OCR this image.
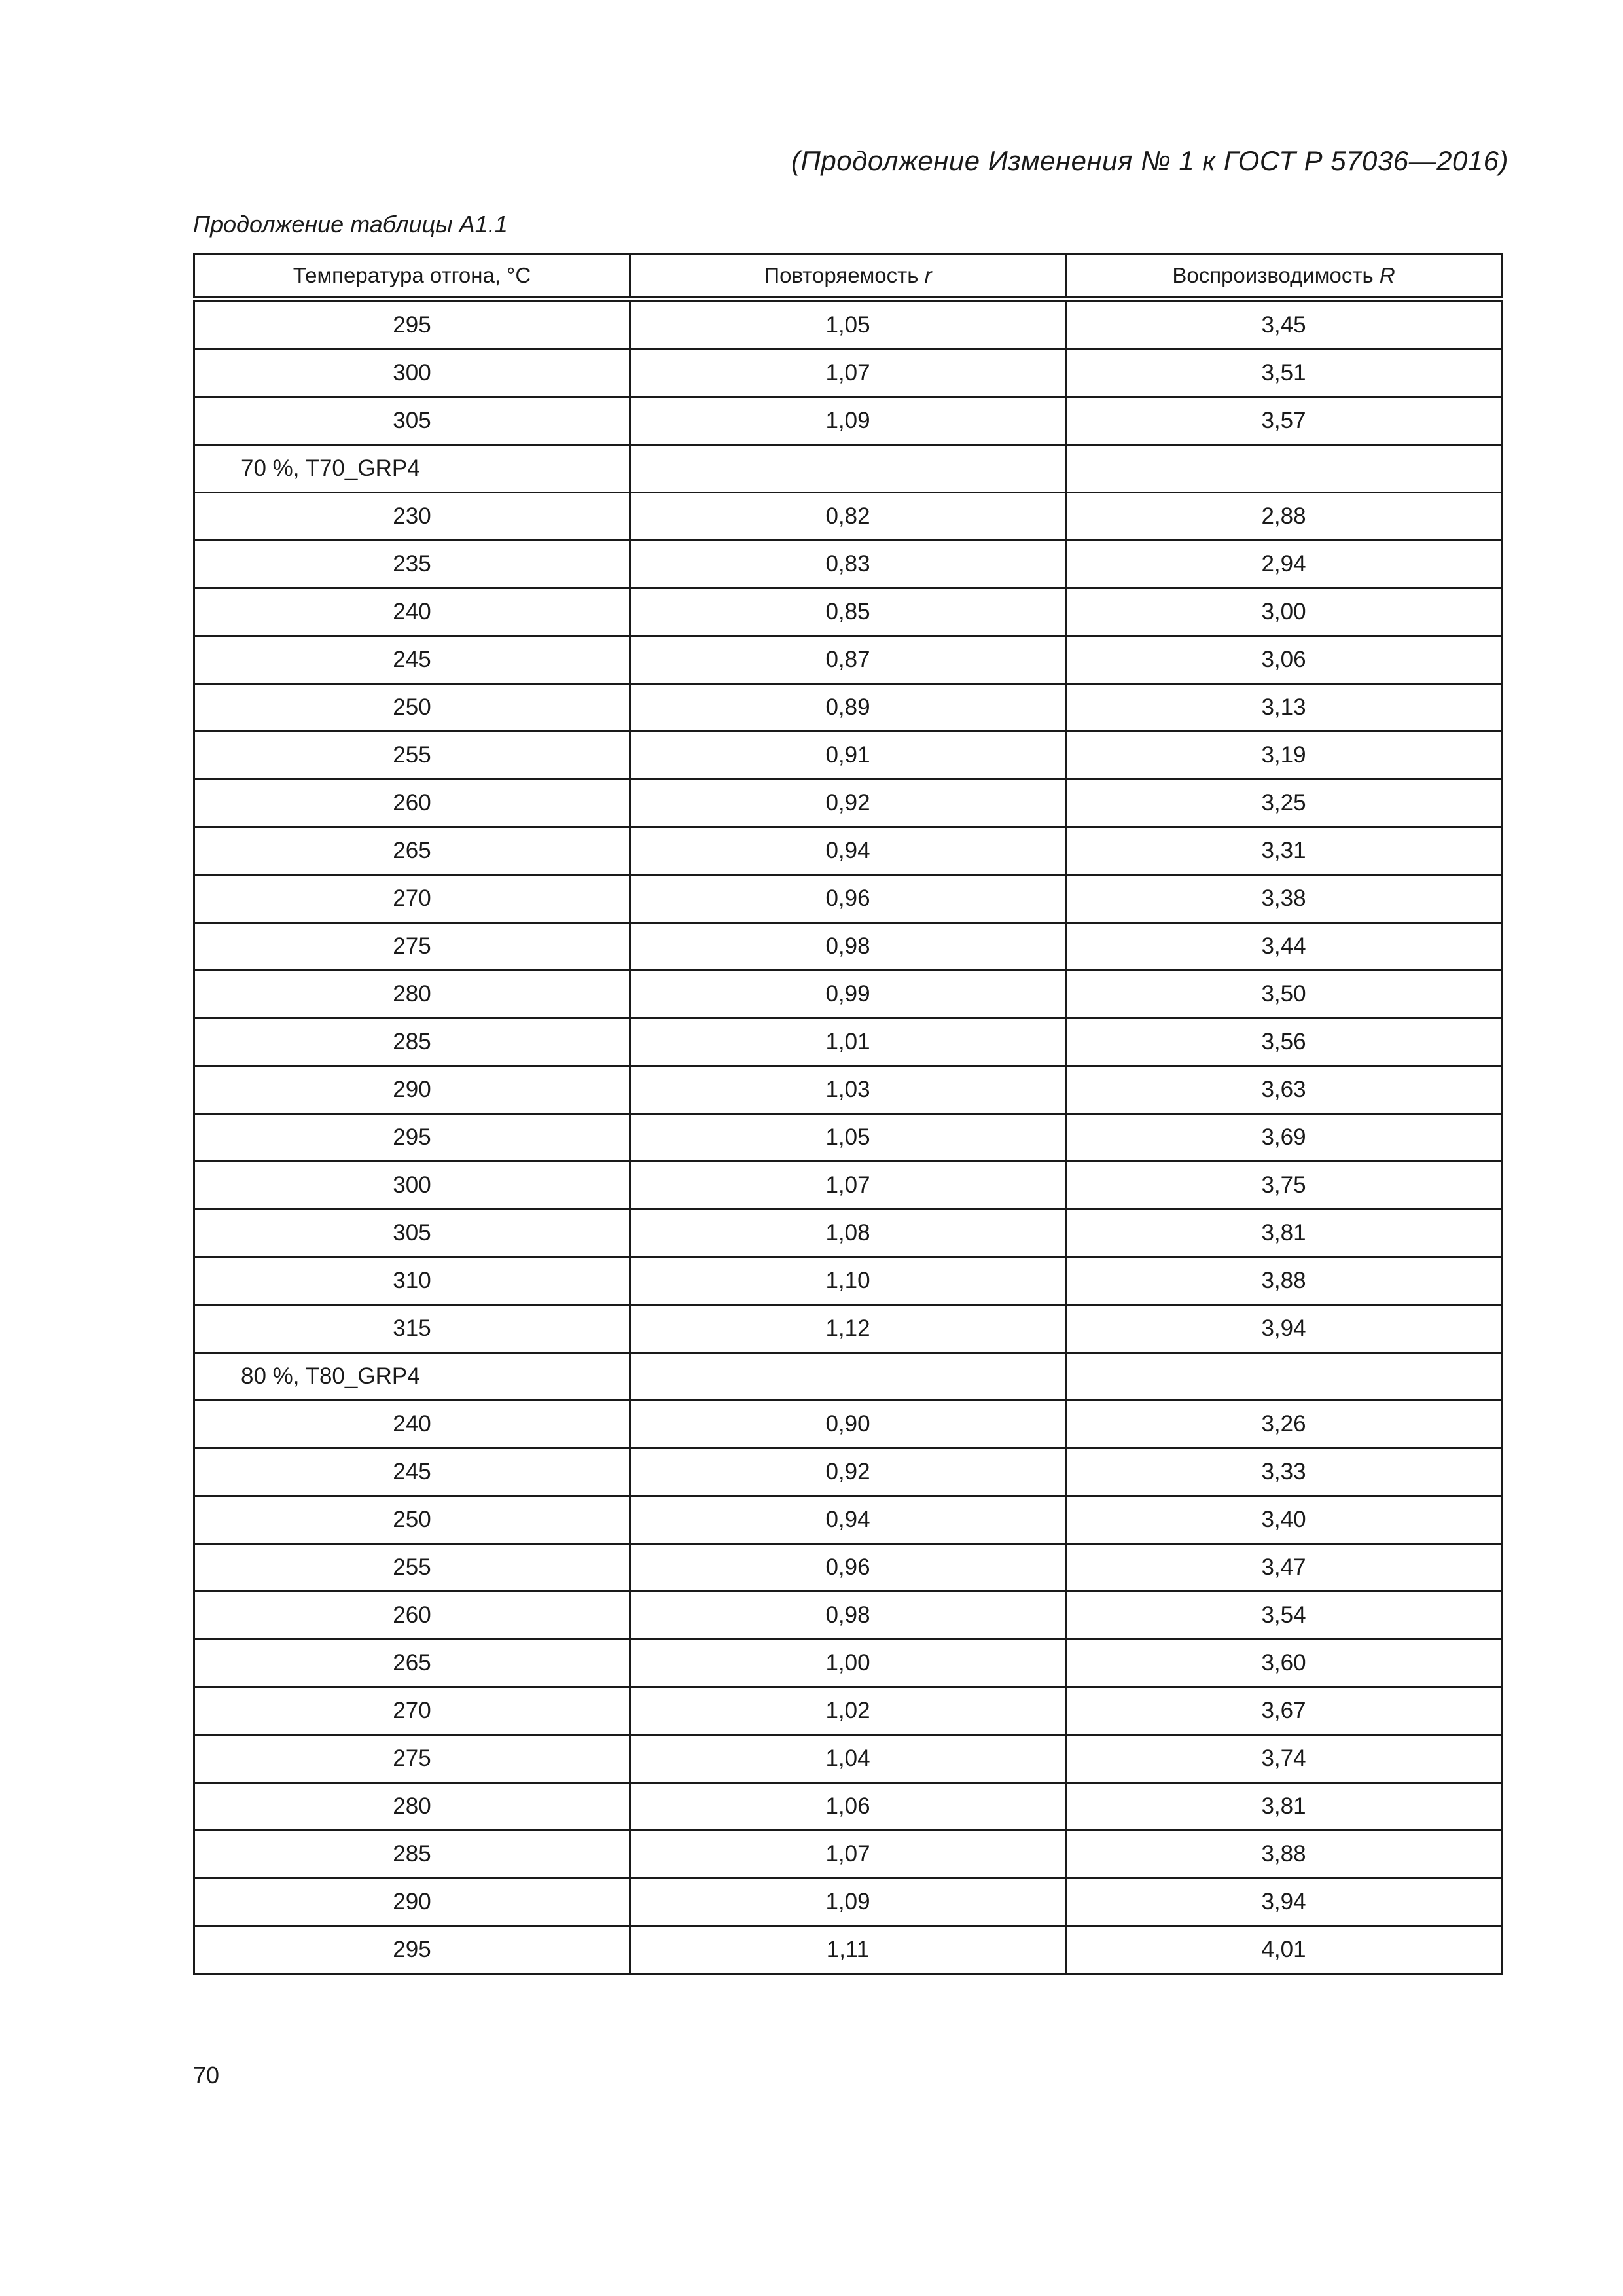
(Продолжение Изменения № 1 к ГОСТ Р 57036—2016)
Продолжение таблицы А1.1
Температура отгона, °C	Повторяемость r	Воспроизводимость R
295	1,05	3,45
300	1,07	3,51
305	1,09	3,57
70 %, T70_GRP4		
230	0,82	2,88
235	0,83	2,94
240	0,85	3,00
245	0,87	3,06
250	0,89	3,13
255	0,91	3,19
260	0,92	3,25
265	0,94	3,31
270	0,96	3,38
275	0,98	3,44
280	0,99	3,50
285	1,01	3,56
290	1,03	3,63
295	1,05	3,69
300	1,07	3,75
305	1,08	3,81
310	1,10	3,88
315	1,12	3,94
80 %, T80_GRP4		
240	0,90	3,26
245	0,92	3,33
250	0,94	3,40
255	0,96	3,47
260	0,98	3,54
265	1,00	3,60
270	1,02	3,67
275	1,04	3,74
280	1,06	3,81
285	1,07	3,88
290	1,09	3,94
295	1,11	4,01
70
